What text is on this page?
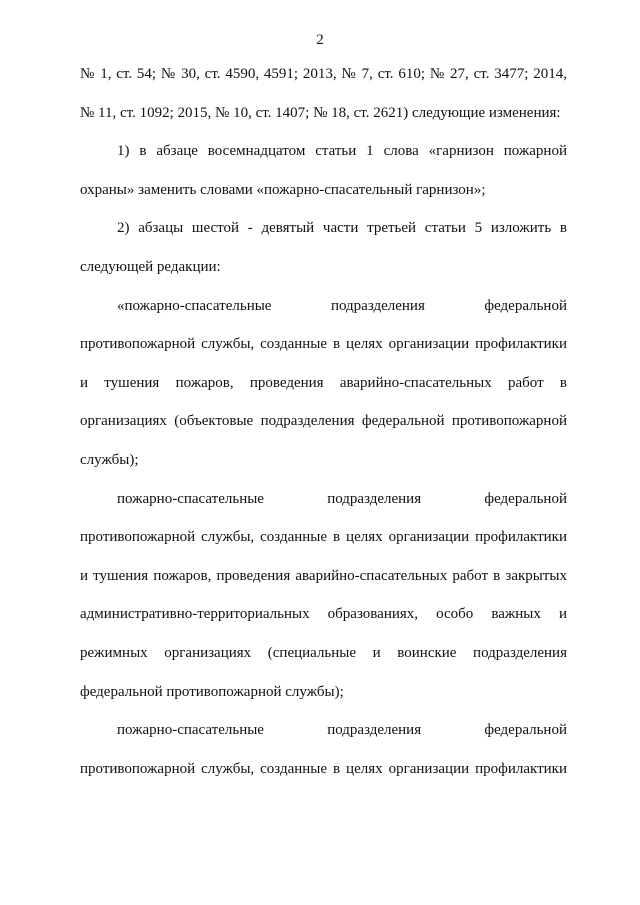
2
№ 1, ст. 54; № 30, ст. 4590, 4591; 2013, № 7, ст. 610; № 27, ст. 3477; 2014,
№ 11, ст. 1092; 2015, № 10, ст. 1407; № 18, ст. 2621) следующие изменения:
1) в абзаце восемнадцатом статьи 1 слова «гарнизон пожарной
охраны» заменить словами «пожарно-спасательный гарнизон»;
2) абзацы шестой - девятый части третьей статьи 5 изложить в
следующей редакции:
«пожарно-спасательные подразделения федеральной
противопожарной службы, созданные в целях организации профилактики
и тушения пожаров, проведения аварийно-спасательных работ в
организациях (объектовые подразделения федеральной противопожарной
службы);
пожарно-спасательные подразделения федеральной
противопожарной службы, созданные в целях организации профилактики
и тушения пожаров, проведения аварийно-спасательных работ в закрытых
административно-территориальных образованиях, особо важных и
режимных организациях (специальные и воинские подразделения
федеральной противопожарной службы);
пожарно-спасательные подразделения федеральной
противопожарной службы, созданные в целях организации профилактики
